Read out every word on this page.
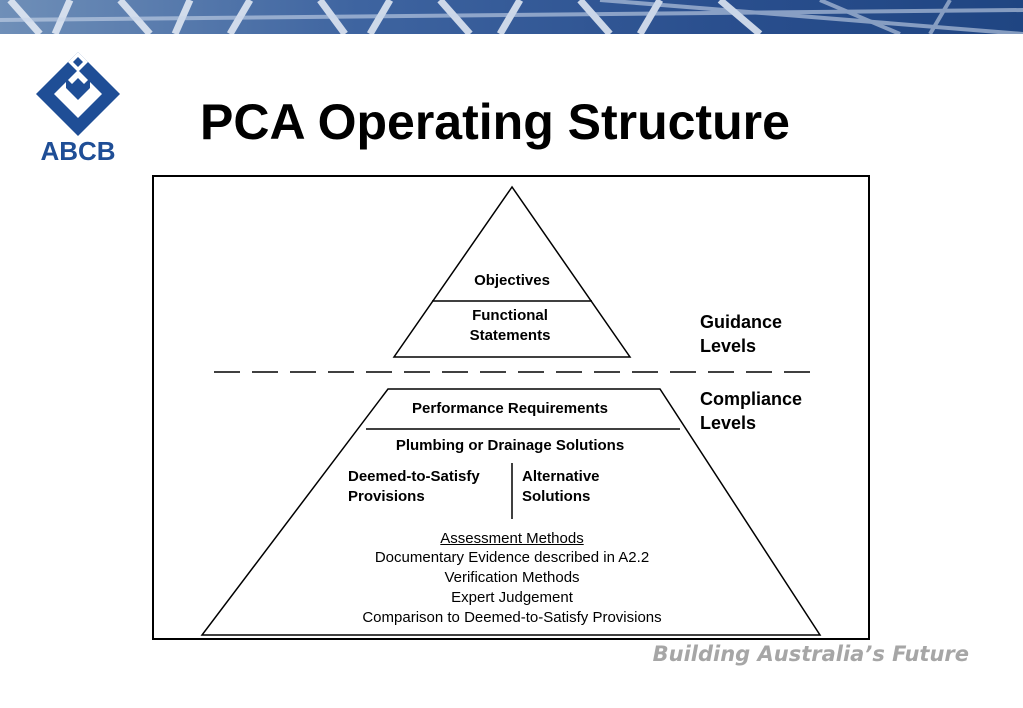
ABCB
PCA Operating Structure
Objectives
Functional
Statements
Guidance
Levels
Compliance
Levels
Performance Requirements
Plumbing or Drainage Solutions
Deemed-to-Satisfy
Provisions
Alternative
Solutions
Assessment Methods
Documentary Evidence described in A2.2
Verification Methods
Expert Judgement
Comparison to Deemed-to-Satisfy Provisions
Building Australia’s Future
